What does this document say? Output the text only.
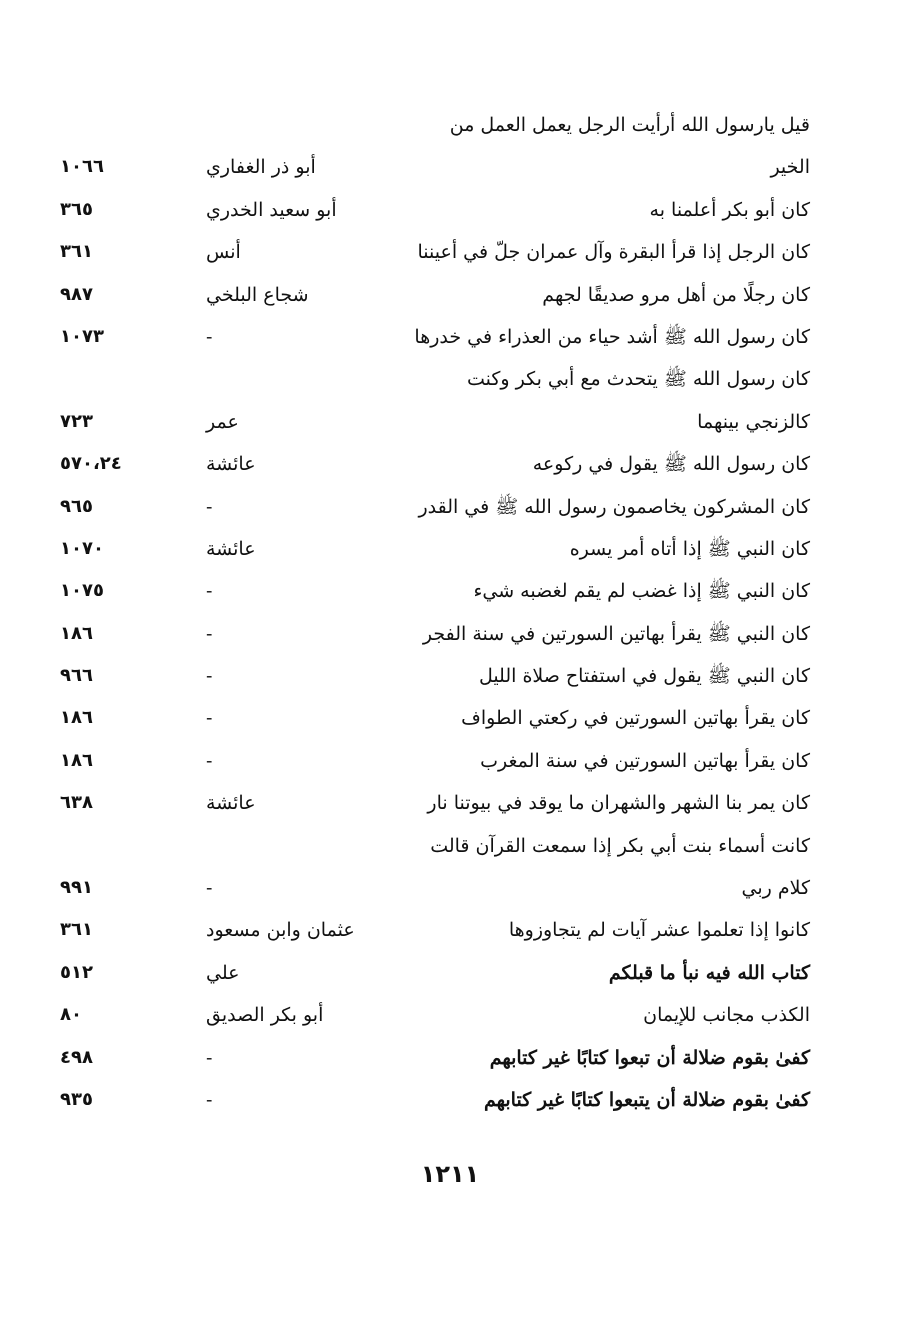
قيل يارسول الله أرأيت الرجل يعمل العمل من
الخير
أبو ذر الغفاري
١٠٦٦
كان أبو بكر أعلمنا به
أبو سعيد الخدري
٣٦٥
كان الرجل إذا قرأ البقرة وآل عمران جلّ في أعيننا
أنس
٣٦١
كان رجلًا من أهل مرو صديقًا لجهم
شجاع البلخي
٩٨٧
كان رسول الله ﷺ أشد حياء من العذراء في خدرها
-
١٠٧٣
كان رسول الله ﷺ يتحدث مع أبي بكر وكنت
كالزنجي بينهما
عمر
٧٢٣
كان رسول الله ﷺ يقول في ركوعه
عائشة
٥٧٠،٢٤
كان المشركون يخاصمون رسول الله ﷺ في القدر
-
٩٦٥
كان النبي ﷺ إذا أتاه أمر يسره
عائشة
١٠٧٠
كان النبي ﷺ إذا غضب لم يقم لغضبه شيء
-
١٠٧٥
كان النبي ﷺ يقرأ بهاتين السورتين في سنة الفجر
-
١٨٦
كان النبي ﷺ يقول في استفتاح صلاة الليل
-
٩٦٦
كان يقرأ بهاتين السورتين في ركعتي الطواف
-
١٨٦
كان يقرأ بهاتين السورتين في سنة المغرب
-
١٨٦
كان يمر بنا الشهر والشهران ما يوقد في بيوتنا نار
عائشة
٦٣٨
كانت أسماء بنت أبي بكر إذا سمعت القرآن قالت
كلام ربي
-
٩٩١
كانوا إذا تعلموا عشر آيات لم يتجاوزوها
عثمان وابن مسعود
٣٦١
كتاب الله فيه نبأ ما قبلكم
علي
٥١٢
الكذب مجانب للإيمان
أبو بكر الصديق
٨٠
كفىٰ بقوم ضلالة أن تبعوا كتابًا غير كتابهم
-
٤٩٨
كفىٰ بقوم ضلالة أن يتبعوا كتابًا غير كتابهم
-
٩٣٥
١٢١١
